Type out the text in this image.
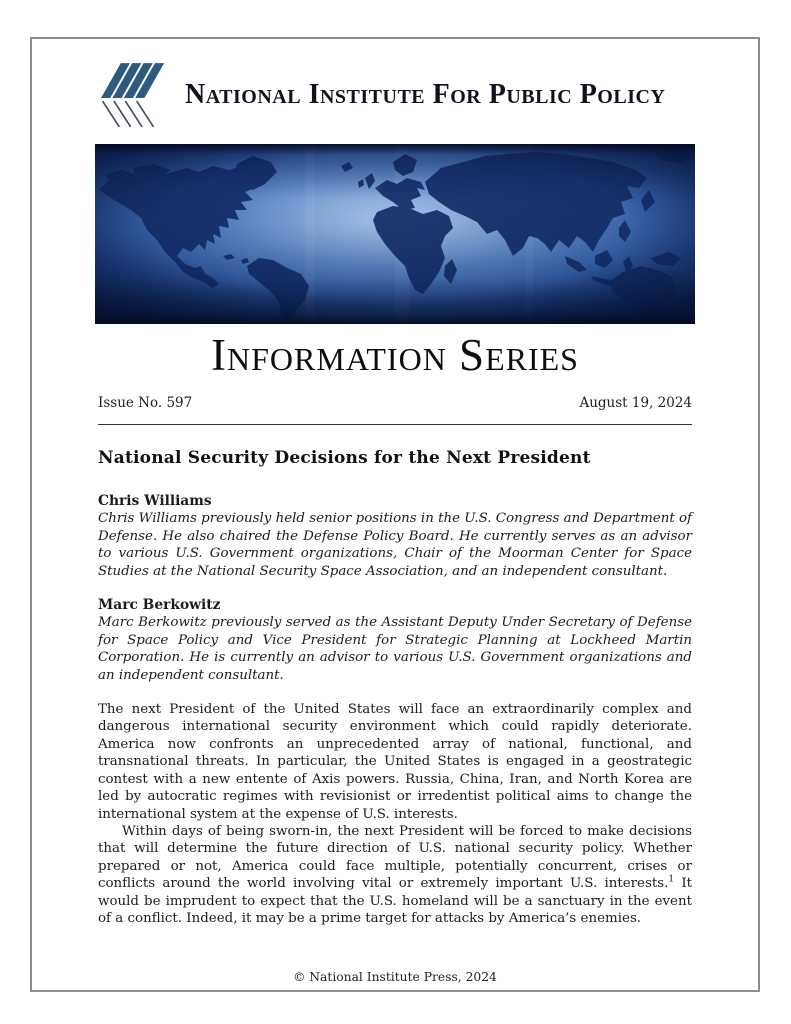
National Institute For Public Policy
Information Series
Issue No. 597	August 19, 2024
National Security Decisions for the Next President
Chris Williams
Chris Williams previously held senior positions in the U.S. Congress and Department of Defense. He also chaired the Defense Policy Board. He currently serves as an advisor to various U.S. Government organizations, Chair of the Moorman Center for Space Studies at the National Security Space Association, and an independent consultant.
Marc Berkowitz
Marc Berkowitz previously served as the Assistant Deputy Under Secretary of Defense for Space Policy and Vice President for Strategic Planning at Lockheed Martin Corporation. He is currently an advisor to various U.S. Government organizations and an independent consultant.

The next President of the United States will face an extraordinarily complex and dangerous international security environment which could rapidly deteriorate. America now confronts an unprecedented array of national, functional, and transnational threats. In particular, the United States is engaged in a geostrategic contest with a new entente of Axis powers. Russia, China, Iran, and North Korea are led by autocratic regimes with revisionist or irredentist political aims to change the international system at the expense of U.S. interests.

Within days of being sworn-in, the next President will be forced to make decisions that will determine the future direction of U.S. national security policy. Whether prepared or not, America could face multiple, potentially concurrent, crises or conflicts around the world involving vital or extremely important U.S. interests.$^1$ It would be imprudent to expect that the U.S. homeland will be a sanctuary in the event of a conflict. Indeed, it may be a prime target for attacks by America’s enemies.

© National Institute Press, 2024
